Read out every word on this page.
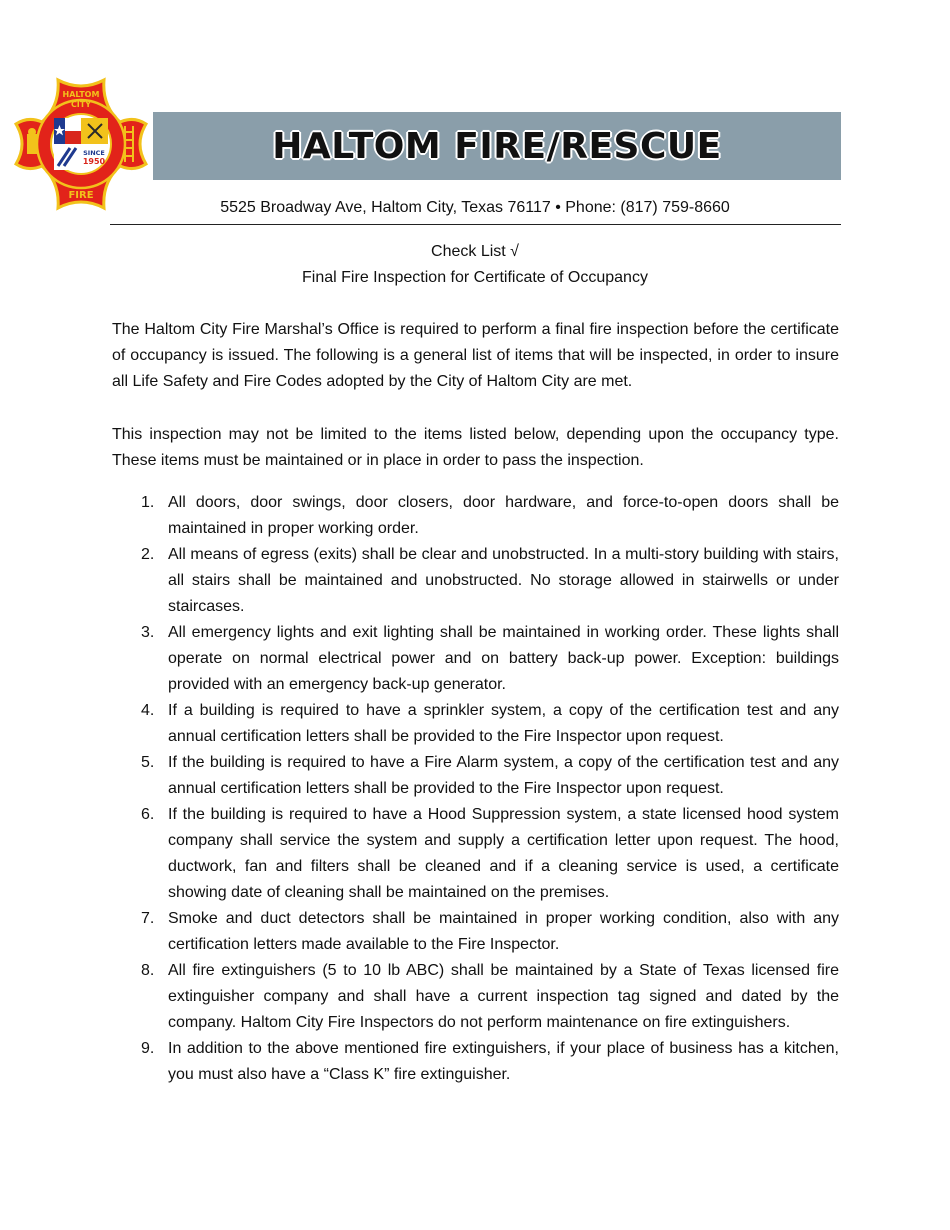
HALTOM
CITY
SINCE
1950
FIRE
HALTOM FIRE/RESCUE
5525 Broadway Ave, Haltom City, Texas 76117 • Phone: (817) 759-8660
Check List √
Final Fire Inspection for Certificate of Occupancy

The Haltom City Fire Marshal’s Office is required to perform a final fire inspection before the certificate of occupancy is issued. The following is a general list of items that will be inspected, in order to insure all Life Safety and Fire Codes adopted by the City of Haltom City are met.

This inspection may not be limited to the items listed below, depending upon the occupancy type. These items must be maintained or in place in order to pass the inspection.

1. All doors, door swings, door closers, door hardware, and force-to-open doors shall be maintained in proper working order.
2. All means of egress (exits) shall be clear and unobstructed. In a multi-story building with stairs, all stairs shall be maintained and unobstructed. No storage allowed in stairwells or under staircases.
3. All emergency lights and exit lighting shall be maintained in working order. These lights shall operate on normal electrical power and on battery back-up power. Exception: buildings provided with an emergency back-up generator.
4. If a building is required to have a sprinkler system, a copy of the certification test and any annual certification letters shall be provided to the Fire Inspector upon request.
5. If the building is required to have a Fire Alarm system, a copy of the certification test and any annual certification letters shall be provided to the Fire Inspector upon request.
6. If the building is required to have a Hood Suppression system, a state licensed hood system company shall service the system and supply a certification letter upon request. The hood, ductwork, fan and filters shall be cleaned and if a cleaning service is used, a certificate showing date of cleaning shall be maintained on the premises.
7. Smoke and duct detectors shall be maintained in proper working condition, also with any certification letters made available to the Fire Inspector.
8. All fire extinguishers (5 to 10 lb ABC) shall be maintained by a State of Texas licensed fire extinguisher company and shall have a current inspection tag signed and dated by the company. Haltom City Fire Inspectors do not perform maintenance on fire extinguishers.
9. In addition to the above mentioned fire extinguishers, if your place of business has a kitchen, you must also have a “Class K” fire extinguisher.
